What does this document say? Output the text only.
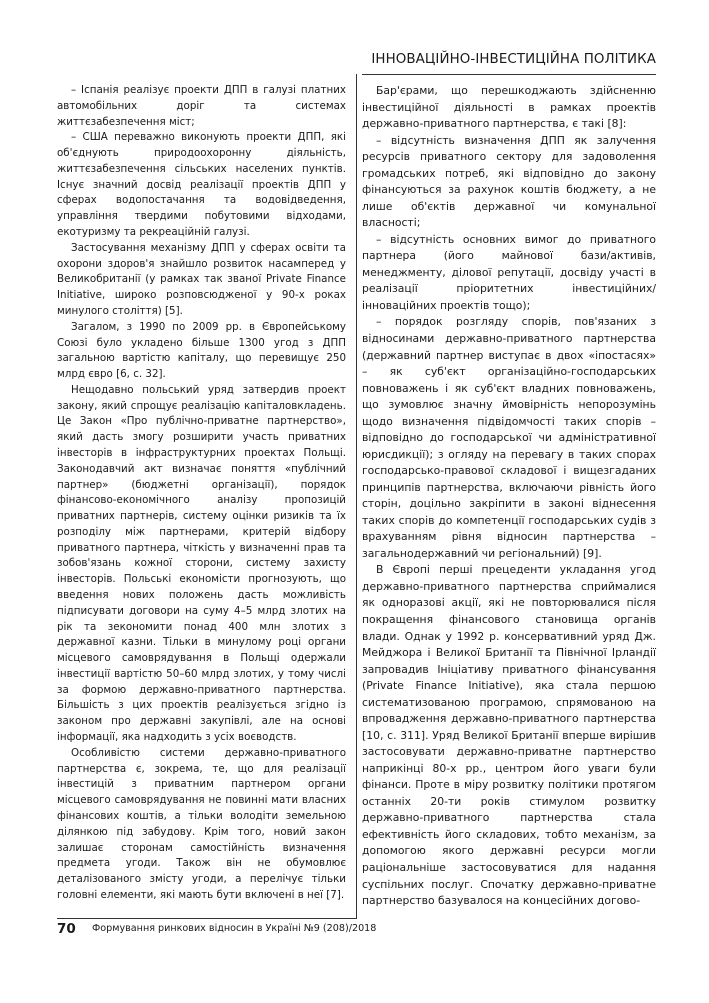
ІННОВАЦІЙНО-ІНВЕСТИЦІЙНА ПОЛІТИКА

– Іспанія реалізує проекти ДПП в галузі платних автомобільних доріг та системах життєзабезпечення міст;

– США переважно виконують проекти ДПП, які об'єднують природоохоронну діяльність, життєзабезпечення сільських населених пунктів. Існує значний досвід реалізації проектів ДПП у сферах водопостачання та водовідведення, управління твердими побутовими відходами, екотуризму та рекреаційній галузі.

Застосування механізму ДПП у сферах освіти та охорони здоров'я знайшло розвиток насамперед у Великобританії (у рамках так званої Private Finance Initiative, широко розповсюдженої у 90-х роках минулого століття) [5].

Загалом, з 1990 по 2009 рр. в Європейському Союзі було укладено більше 1300 угод з ДПП загальною вартістю капіталу, що перевищує 250 млрд євро [6, с. 32].

Нещодавно польський уряд затвердив проект закону, який спрощує реалізацію капіталовкладень. Це Закон «Про публічно-приватне партнерство», який дасть змогу розширити участь приватних інвесторів в інфраструктурних проектах Польщі. Законодавчий акт визначає поняття «публічний партнер» (бюджетні організації), порядок фінансово-економічного аналізу пропозицій приватних партнерів, систему оцінки ризиків та їх розподілу між партнерами, критерій відбору приватного партнера, чіткість у визначенні прав та зобов'язань кожної сторони, систему захисту інвесторів. Польські економісти прогнозують, що введення нових положень дасть можливість підписувати договори на суму 4–5 млрд злотих на рік та зекономити понад 400 млн злотих з державної казни. Тільки в минулому році органи місцевого самоврядування в Польщі одержали інвестиції вартістю 50–60 млрд злотих, у тому числі за формою державно-приватного партнерства. Більшість з цих проектів реалізується згідно із законом про державні закупівлі, але на основі інформації, яка надходить з усіх воєводств.

Особливістю системи державно-приватного партнерства є, зокрема, те, що для реалізації інвестицій з приватним партнером органи місцевого самоврядування не повинні мати власних фінансових коштів, а тільки володіти земельною ділянкою під забудову. Крім того, новий закон залишає сторонам самостійність визначення предмета угоди. Також він не обумовлює деталізованого змісту угоди, а перелічує тільки головні елементи, які мають бути включені в неї [7].

Бар'єрами, що перешкоджають здійсненню інвестиційної діяльності в рамках проектів державно-приватного партнерства, є такі [8]:

– відсутність визначення ДПП як залучення ресурсів приватного сектору для задоволення громадських потреб, які відповідно до закону фінансуються за рахунок коштів бюджету, а не лише об'єктів державної чи комунальної власності;

– відсутність основних вимог до приватного партнера (його майнової бази/активів, менеджменту, ділової репутації, досвіду участі в реалізації пріоритетних інвестиційних/інноваційних проектів тощо);

– порядок розгляду спорів, пов'язаних з відносинами державно-приватного партнерства (державний партнер виступає в двох «іпостасях» – як суб'єкт організаційно-господарських повноважень і як суб'єкт владних повноважень, що зумовлює значну ймовірність непорозумінь щодо визначення підвідомчості таких спорів – відповідно до господарської чи адміністративної юрисдикції); з огляду на перевагу в таких спорах господарсько-правової складової і вищезгаданих принципів партнерства, включаючи рівність його сторін, доцільно закріпити в законі віднесення таких спорів до компетенції господарських судів з врахуванням рівня відносин партнерства – загальнодержавний чи регіональний) [9].

В Європі перші прецеденти укладання угод державно-приватного партнерства сприймалися як одноразові акції, які не повторювалися після покращення фінансового становища органів влади. Однак у 1992 р. консервативний уряд Дж. Мейджора і Великої Британії та Північної Ірландії запровадив Ініціативу приватного фінансування (Private Finance Initiative), яка стала першою систематизованою програмою, спрямованою на впровадження державно-приватного партнерства [10, с. 311]. Уряд Великої Британії вперше вирішив застосовувати державно-приватне партнерство наприкінці 80-х рр., центром його уваги були фінанси. Проте в міру розвитку політики протягом останніх 20-ти років стимулом розвитку державно-приватного партнерства стала ефективність його складових, тобто механізм, за допомогою якого державні ресурси могли раціональніше застосовуватися для надання суспільних послуг. Спочатку державно-приватне партнерство базувалося на концесійних догово-

70 Формування ринкових відносин в Україні №9 (208)/2018
